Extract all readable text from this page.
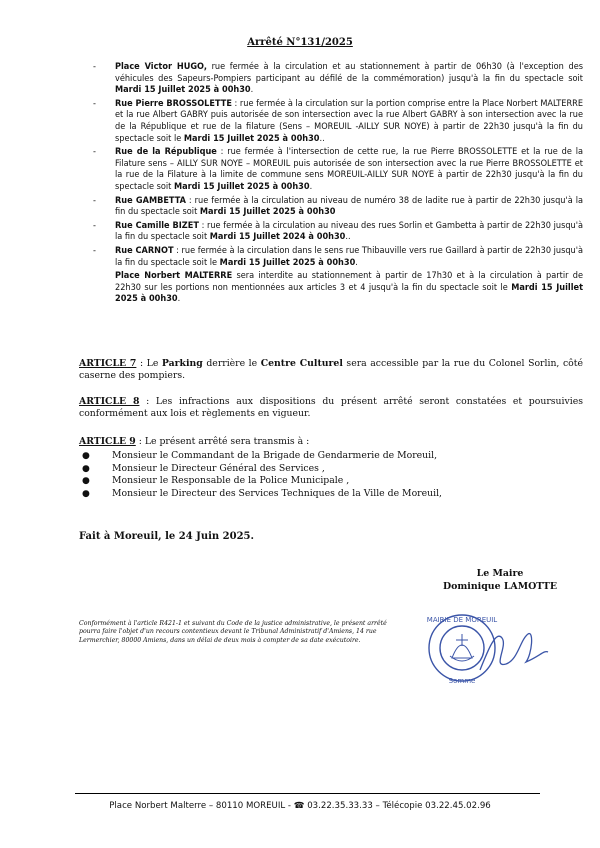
Arrêté N°131/2025
- Place Victor HUGO, rue fermée à la circulation et au stationnement à partir de 06h30 (à l'exception des véhicules des Sapeurs-Pompiers participant au défilé de la commémoration) jusqu'à la fin du spectacle soit Mardi 15 Juillet 2025 à 00h30.
- Rue Pierre BROSSOLETTE : rue fermée à la circulation sur la portion comprise entre la Place Norbert MALTERRE et la rue Albert GABRY puis autorisée de son intersection avec la rue Albert GABRY à son intersection avec la rue de la République et rue de la filature (Sens – MOREUIL -AILLY SUR NOYE) à partir de 22h30 jusqu'à la fin du spectacle soit le Mardi 15 Juillet 2025 à 00h30..
- Rue de la République : rue fermée à l'intersection de cette rue, la rue Pierre BROSSOLETTE et la rue de la Filature sens – AILLY SUR NOYE – MOREUIL puis autorisée de son intersection avec la rue Pierre BROSSOLETTE et la rue de la Filature à la limite de commune sens MOREUIL-AILLY SUR NOYE à partir de 22h30 jusqu'à la fin du spectacle soit Mardi 15 Juillet 2025 à 00h30.
- Rue GAMBETTA : rue fermée à la circulation au niveau de numéro 38 de ladite rue à partir de 22h30 jusqu'à la fin du spectacle soit Mardi 15 Juillet 2025 à 00h30
- Rue Camille BIZET : rue fermée à la circulation au niveau des rues Sorlin et Gambetta à partir de 22h30 jusqu'à la fin du spectacle soit Mardi 15 Juillet 2024 à 00h30..
- Rue CARNOT : rue fermée à la circulation dans le sens rue Thibauville vers rue Gaillard à partir de 22h30 jusqu'à la fin du spectacle soit le Mardi 15 Juillet 2025 à 00h30.
Place Norbert MALTERRE sera interdite au stationnement à partir de 17h30 et à la circulation à partir de 22h30 sur les portions non mentionnées aux articles 3 et 4 jusqu'à la fin du spectacle soit le Mardi 15 Juillet 2025 à 00h30.
ARTICLE 7 : Le Parking derrière le Centre Culturel sera accessible par la rue du Colonel Sorlin, côté caserne des pompiers.
ARTICLE 8 : Les infractions aux dispositions du présent arrêté seront constatées et poursuivies conformément aux lois et règlements en vigueur.
ARTICLE 9 : Le présent arrêté sera transmis à :
● Monsieur le Commandant de la Brigade de Gendarmerie de Moreuil,
● Monsieur le Directeur Général des Services ,
● Monsieur le Responsable de la Police Municipale ,
● Monsieur le Directeur des Services Techniques de la Ville de Moreuil,
Fait à Moreuil, le 24 Juin 2025.
Le Maire
Dominique LAMOTTE
Conformément à l'article R421-1 et suivant du Code de la justice administrative, le présent arrêté pourra faire l'objet d'un recours contentieux devant le Tribunal Administratif d'Amiens, 14 rue Lermerchier, 80000 Amiens, dans un délai de deux mois à compter de sa date exécutoire.
MAIRIE DE MOREUIL
Somme
Place Norbert Malterre – 80110 MOREUIL - ☎ 03.22.35.33.33 – Télécopie 03.22.45.02.96
